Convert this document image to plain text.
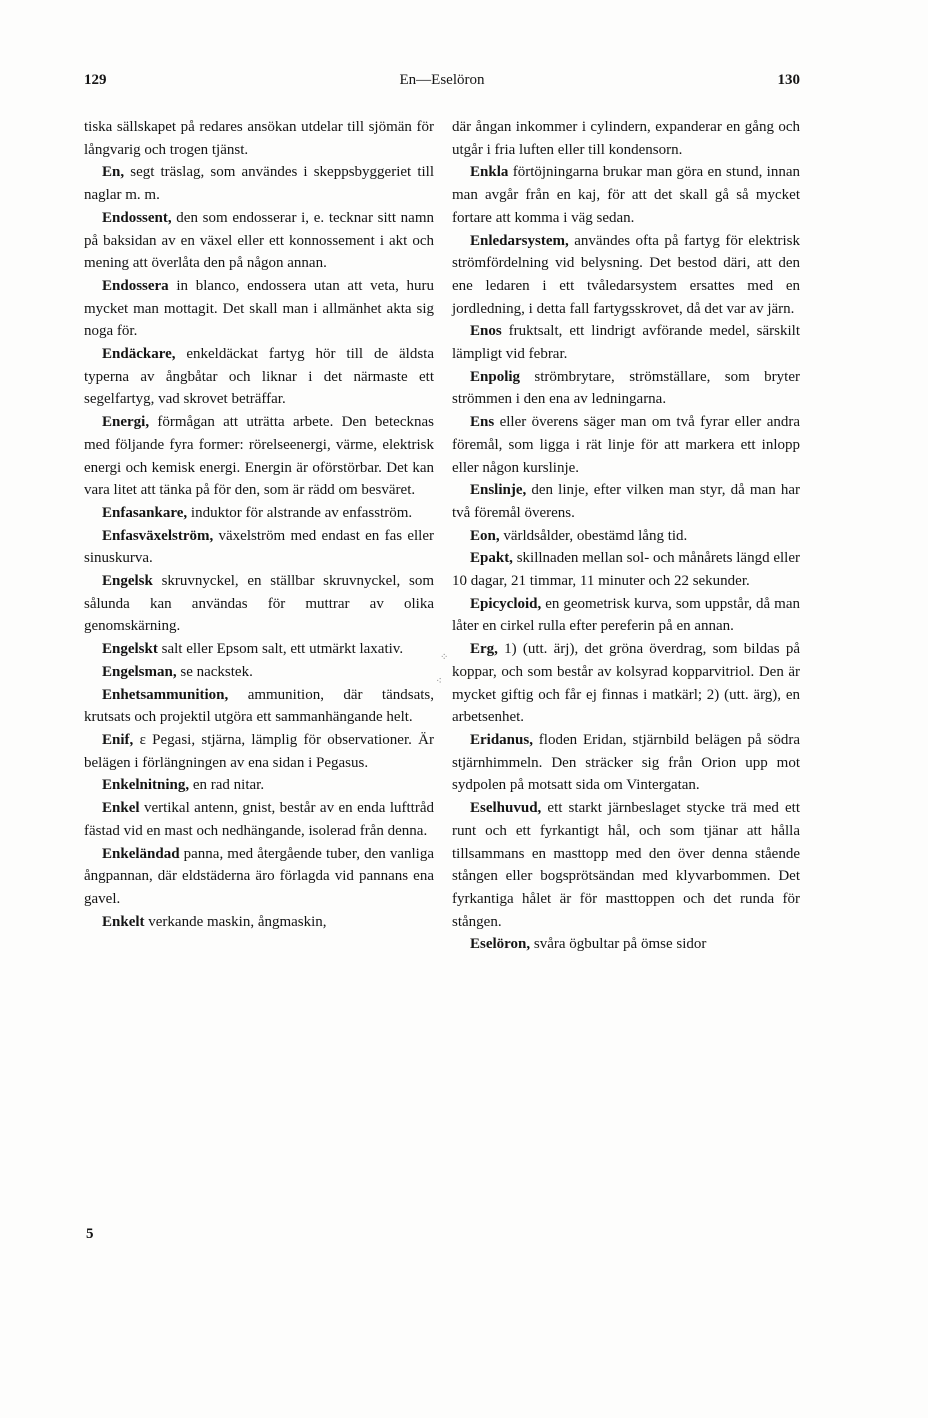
129	En—Eselöron	130

tiska sällskapet på redares ansökan utdelar till sjömän för långvarig och trogen tjänst.

En, segt träslag, som användes i skeppsbyggeriet till naglar m. m.

Endossent, den som endosserar i, e. tecknar sitt namn på baksidan av en växel eller ett konnossement i akt och mening att överlåta den på någon annan.

Endossera in blanco, endossera utan att veta, huru mycket man mottagit. Det skall man i allmänhet akta sig noga för.

Endäckare, enkeldäckat fartyg hör till de äldsta typerna av ångbåtar och liknar i det närmaste ett segelfartyg, vad skrovet beträffar.

Energi, förmågan att uträtta arbete. Den betecknas med följande fyra former: rörelseenergi, värme, elektrisk energi och kemisk energi. Energin är oförstörbar. Det kan vara litet att tänka på för den, som är rädd om besväret.

Enfasankare, induktor för alstrande av enfasström.

Enfasväxelström, växelström med endast en fas eller sinuskurva.

Engelsk skruvnyckel, en ställbar skruvnyckel, som sålunda kan användas för muttrar av olika genomskärning.

Engelskt salt eller Epsom salt, ett utmärkt laxativ.

Engelsman, se nackstek.

Enhetsammunition, ammunition, där tändsats, krutsats och projektil utgöra ett sammanhängande helt.

Enif, ε Pegasi, stjärna, lämplig för observationer. Är belägen i förlängningen av ena sidan i Pegasus.

Enkelnitning, en rad nitar.

Enkel vertikal antenn, gnist, består av en enda lufttråd fästad vid en mast och nedhängande, isolerad från denna.

Enkeländad panna, med återgående tuber, den vanliga ångpannan, där eldstäderna äro förlagda vid pannans ena gavel.

Enkelt verkande maskin, ångmaskin,

där ångan inkommer i cylindern, expanderar en gång och utgår i fria luften eller till kondensorn.

Enkla förtöjningarna brukar man göra en stund, innan man avgår från en kaj, för att det skall gå så mycket fortare att komma i väg sedan.

Enledarsystem, användes ofta på fartyg för elektrisk strömfördelning vid belysning. Det bestod däri, att den ene ledaren i ett tvåledarsystem ersattes med en jordledning, i detta fall fartygsskrovet, då det var av järn.

Enos fruktsalt, ett lindrigt avförande medel, särskilt lämpligt vid febrar.

Enpolig strömbrytare, strömställare, som bryter strömmen i den ena av ledningarna.

Ens eller överens säger man om två fyrar eller andra föremål, som ligga i rät linje för att markera ett inlopp eller någon kurslinje.

Enslinje, den linje, efter vilken man styr, då man har två föremål överens.

Eon, världsålder, obestämd lång tid.

Epakt, skillnaden mellan sol- och månårets längd eller 10 dagar, 21 timmar, 11 minuter och 22 sekunder.

Epicycloid, en geometrisk kurva, som uppstår, då man låter en cirkel rulla efter pereferin på en annan.

Erg, 1) (utt. ärj), det gröna överdrag, som bildas på koppar, och som består av kolsyrad kopparvitriol. Den är mycket giftig och får ej finnas i matkärl; 2) (utt. ärg), en arbetsenhet.

Eridanus, floden Eridan, stjärnbild belägen på södra stjärnhimmeln. Den sträcker sig från Orion upp mot sydpolen på motsatt sida om Vintergatan.

Eselhuvud, ett starkt järnbeslaget stycke trä med ett runt och ett fyrkantigt hål, och som tjänar att hålla tillsammans en masttopp med den över denna stående stången eller bogsprötsändan med klyvarbommen. Det fyrkantiga hålet är för masttoppen och det runda för stången.

Eselöron, svåra ögbultar på ömse sidor

5
⁘
⁖
